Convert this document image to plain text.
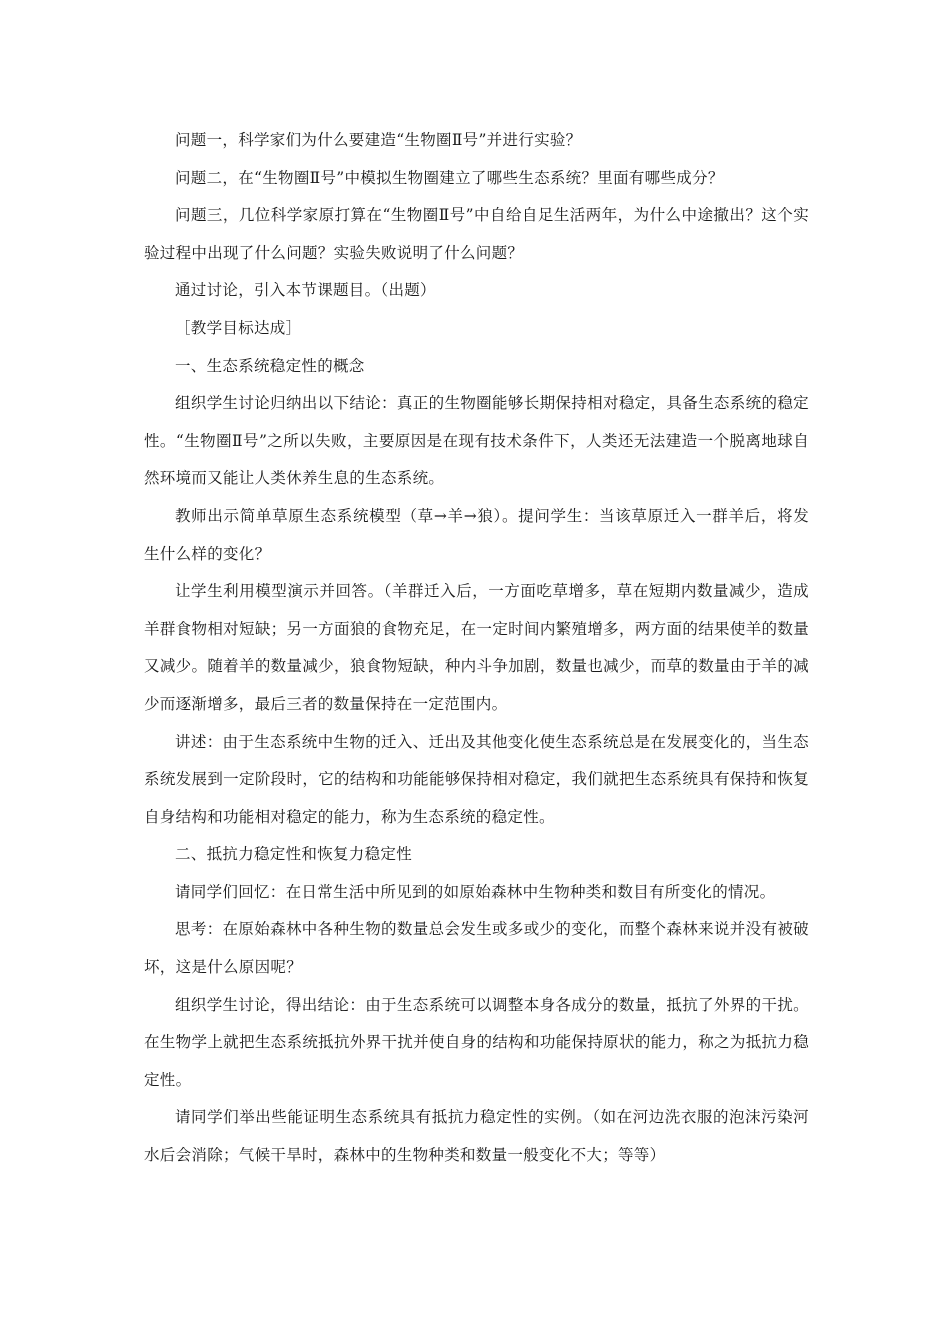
问题一，科学家们为什么要建造“生物圈Ⅱ号”并进行实验？

问题二，在“生物圈Ⅱ号”中模拟生物圈建立了哪些生态系统？里面有哪些成分？

问题三，几位科学家原打算在“生物圈Ⅱ号”中自给自足生活两年，为什么中途撤出？这个实验过程中出现了什么问题？实验失败说明了什么问题？

通过讨论，引入本节课题目。（出题）

［教学目标达成］

一、生态系统稳定性的概念

组织学生讨论归纳出以下结论：真正的生物圈能够长期保持相对稳定，具备生态系统的稳定性。“生物圈Ⅱ号”之所以失败，主要原因是在现有技术条件下，人类还无法建造一个脱离地球自然环境而又能让人类休养生息的生态系统。

教师出示简单草原生态系统模型（草→羊→狼）。提问学生：当该草原迁入一群羊后，将发生什么样的变化？

让学生利用模型演示并回答。（羊群迁入后，一方面吃草增多，草在短期内数量减少，造成羊群食物相对短缺；另一方面狼的食物充足，在一定时间内繁殖增多，两方面的结果使羊的数量又减少。随着羊的数量减少，狼食物短缺，种内斗争加剧，数量也减少，而草的数量由于羊的减少而逐渐增多，最后三者的数量保持在一定范围内。

讲述：由于生态系统中生物的迁入、迁出及其他变化使生态系统总是在发展变化的，当生态系统发展到一定阶段时，它的结构和功能能够保持相对稳定，我们就把生态系统具有保持和恢复自身结构和功能相对稳定的能力，称为生态系统的稳定性。

二、抵抗力稳定性和恢复力稳定性

请同学们回忆：在日常生活中所见到的如原始森林中生物种类和数目有所变化的情况。

思考：在原始森林中各种生物的数量总会发生或多或少的变化，而整个森林来说并没有被破坏，这是什么原因呢？

组织学生讨论，得出结论：由于生态系统可以调整本身各成分的数量，抵抗了外界的干扰。在生物学上就把生态系统抵抗外界干扰并使自身的结构和功能保持原状的能力，称之为抵抗力稳定性。

请同学们举出些能证明生态系统具有抵抗力稳定性的实例。（如在河边洗衣服的泡沫污染河水后会消除；气候干旱时，森林中的生物种类和数量一般变化不大；等等）
